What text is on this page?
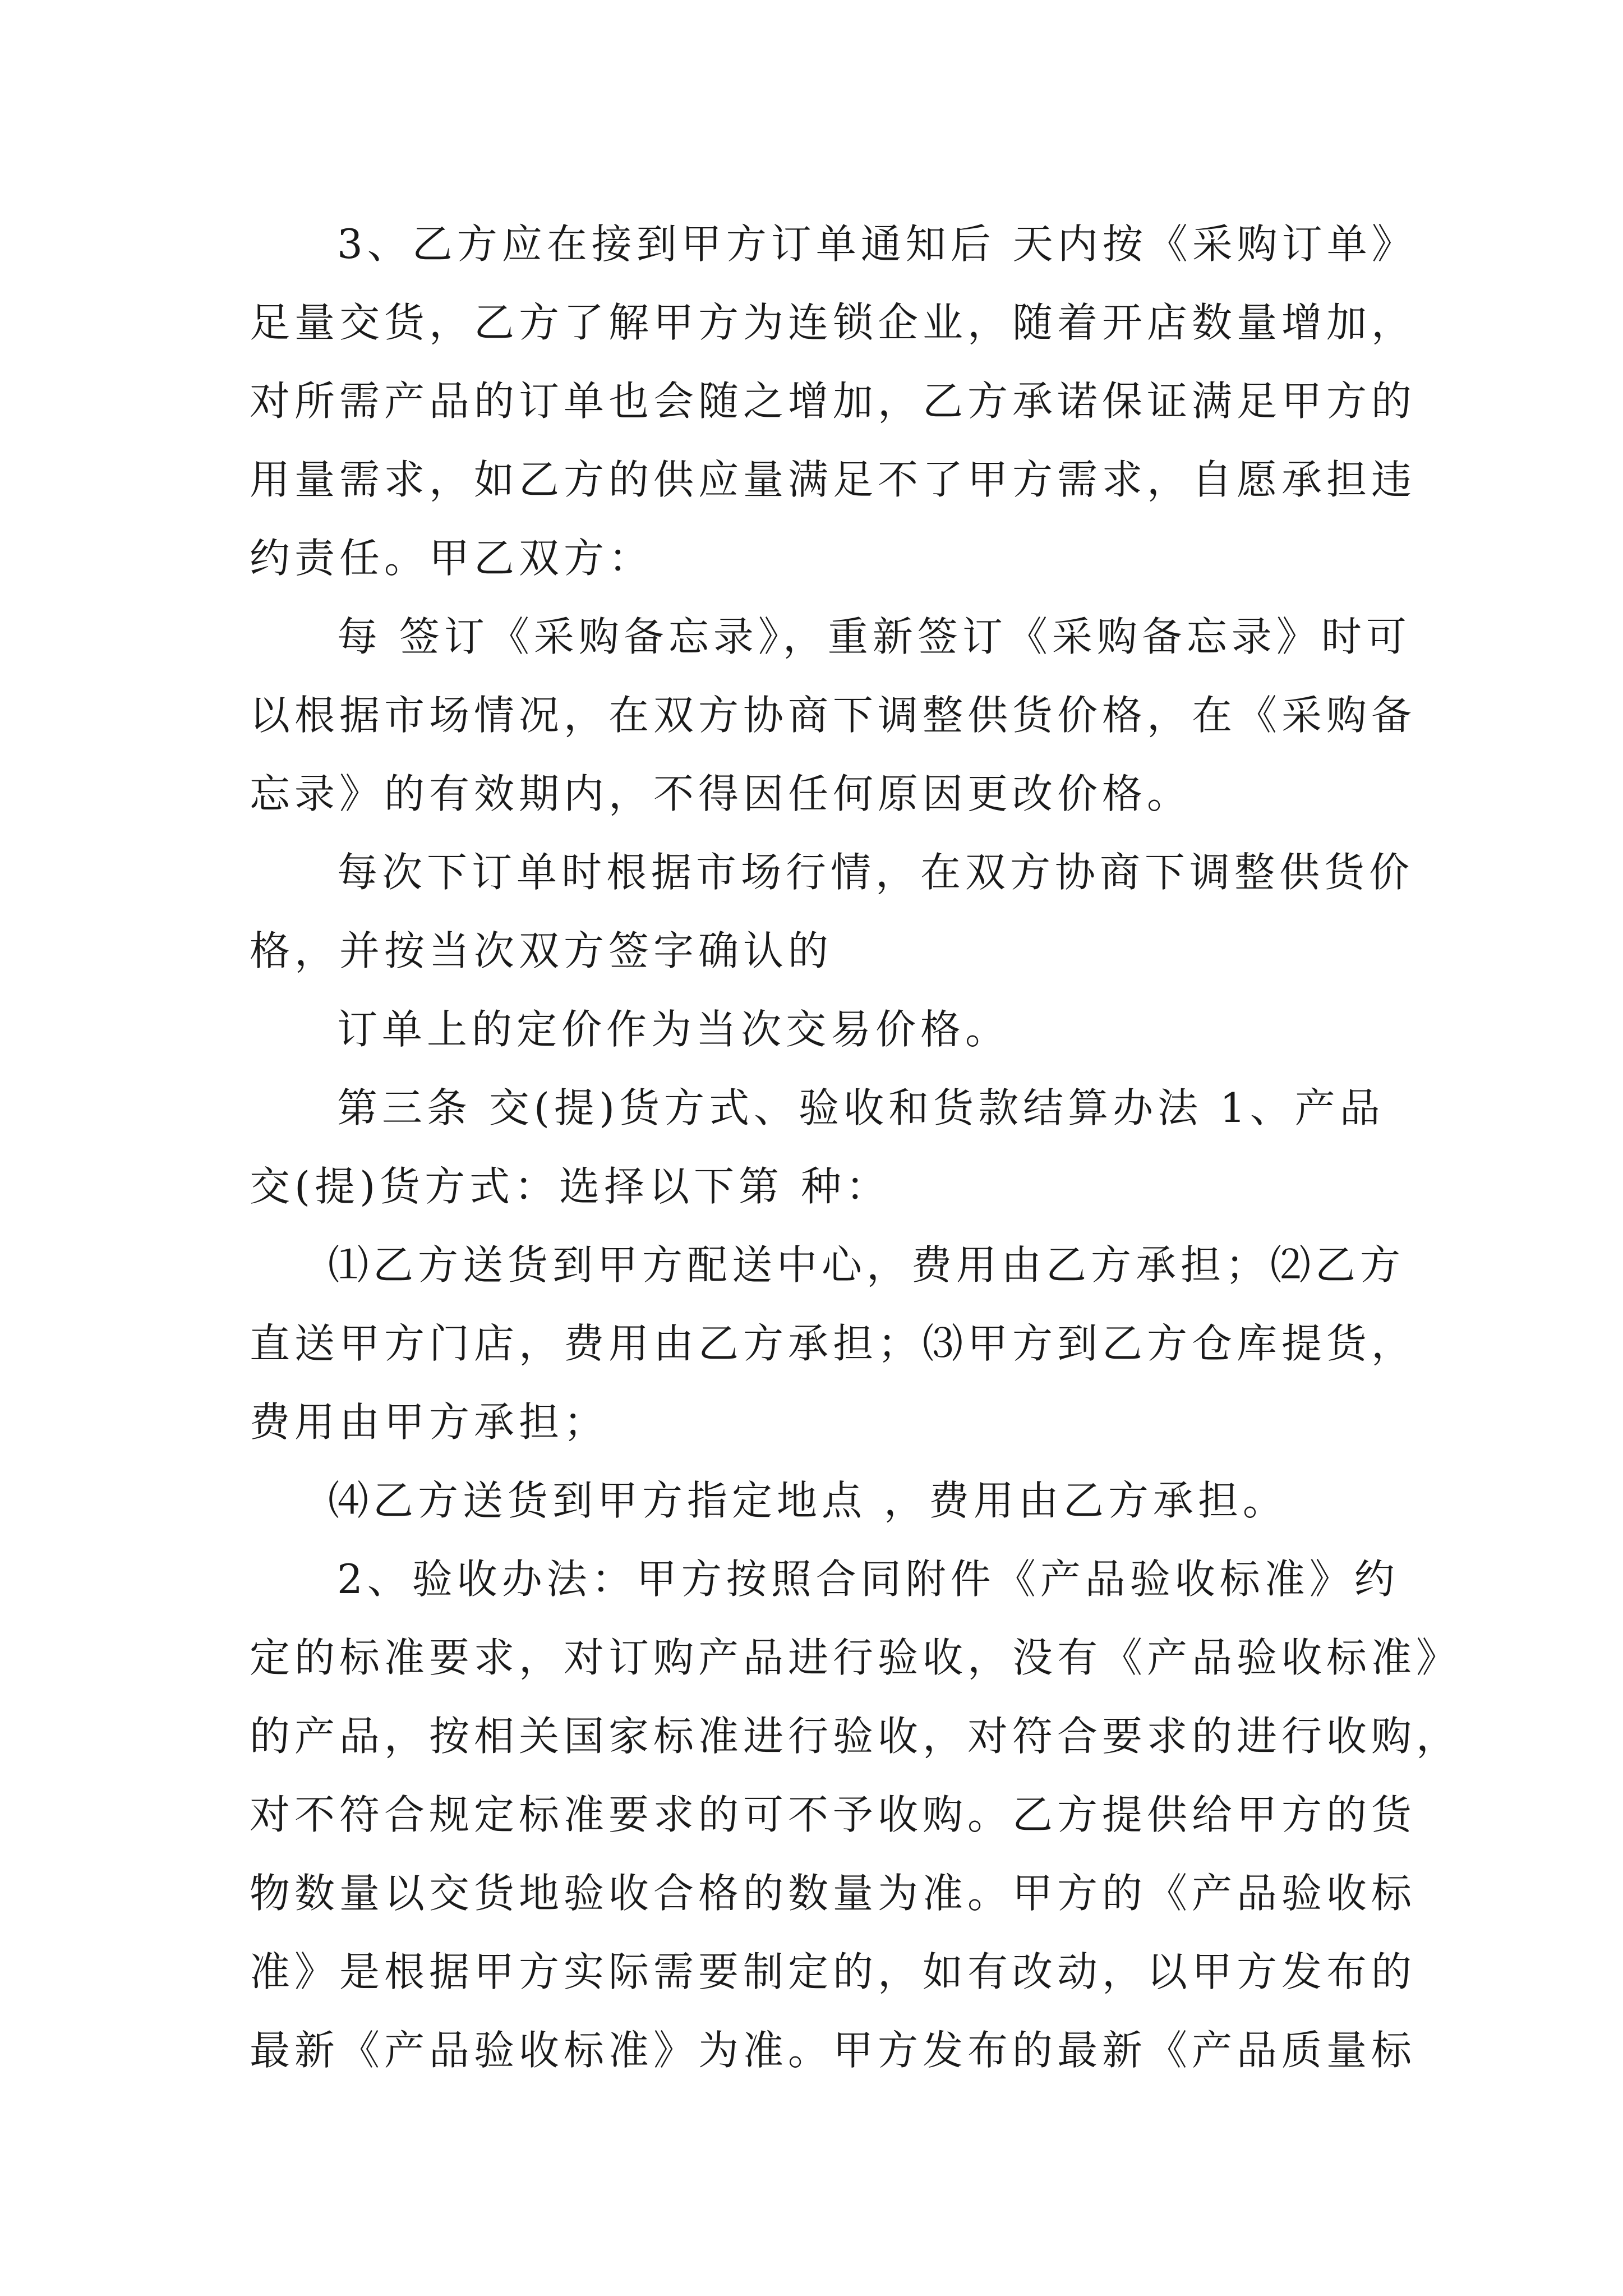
3、乙方应在接到甲方订单通知后 天内按《采购订单》
足量交货，乙方了解甲方为连锁企业，随着开店数量增加，
对所需产品的订单也会随之增加，乙方承诺保证满足甲方的
用量需求，如乙方的供应量满足不了甲方需求，自愿承担违
约责任。甲乙双方：
每 签订《采购备忘录》，重新签订《采购备忘录》时可
以根据市场情况，在双方协商下调整供货价格，在《采购备
忘录》的有效期内，不得因任何原因更改价格。
每次下订单时根据市场行情，在双方协商下调整供货价
格，并按当次双方签字确认的
订单上的定价作为当次交易价格。
第三条 交(提)货方式、验收和货款结算办法 1、产品
交(提)货方式：选择以下第 种：
⑴乙方送货到甲方配送中心，费用由乙方承担；⑵乙方
直送甲方门店，费用由乙方承担；⑶甲方到乙方仓库提货，
费用由甲方承担；
⑷乙方送货到甲方指定地点 ，费用由乙方承担。
2、验收办法：甲方按照合同附件《产品验收标准》约
定的标准要求，对订购产品进行验收，没有《产品验收标准》
的产品，按相关国家标准进行验收，对符合要求的进行收购，
对不符合规定标准要求的可不予收购。乙方提供给甲方的货
物数量以交货地验收合格的数量为准。甲方的《产品验收标
准》是根据甲方实际需要制定的，如有改动，以甲方发布的
最新《产品验收标准》为准。甲方发布的最新《产品质量标
